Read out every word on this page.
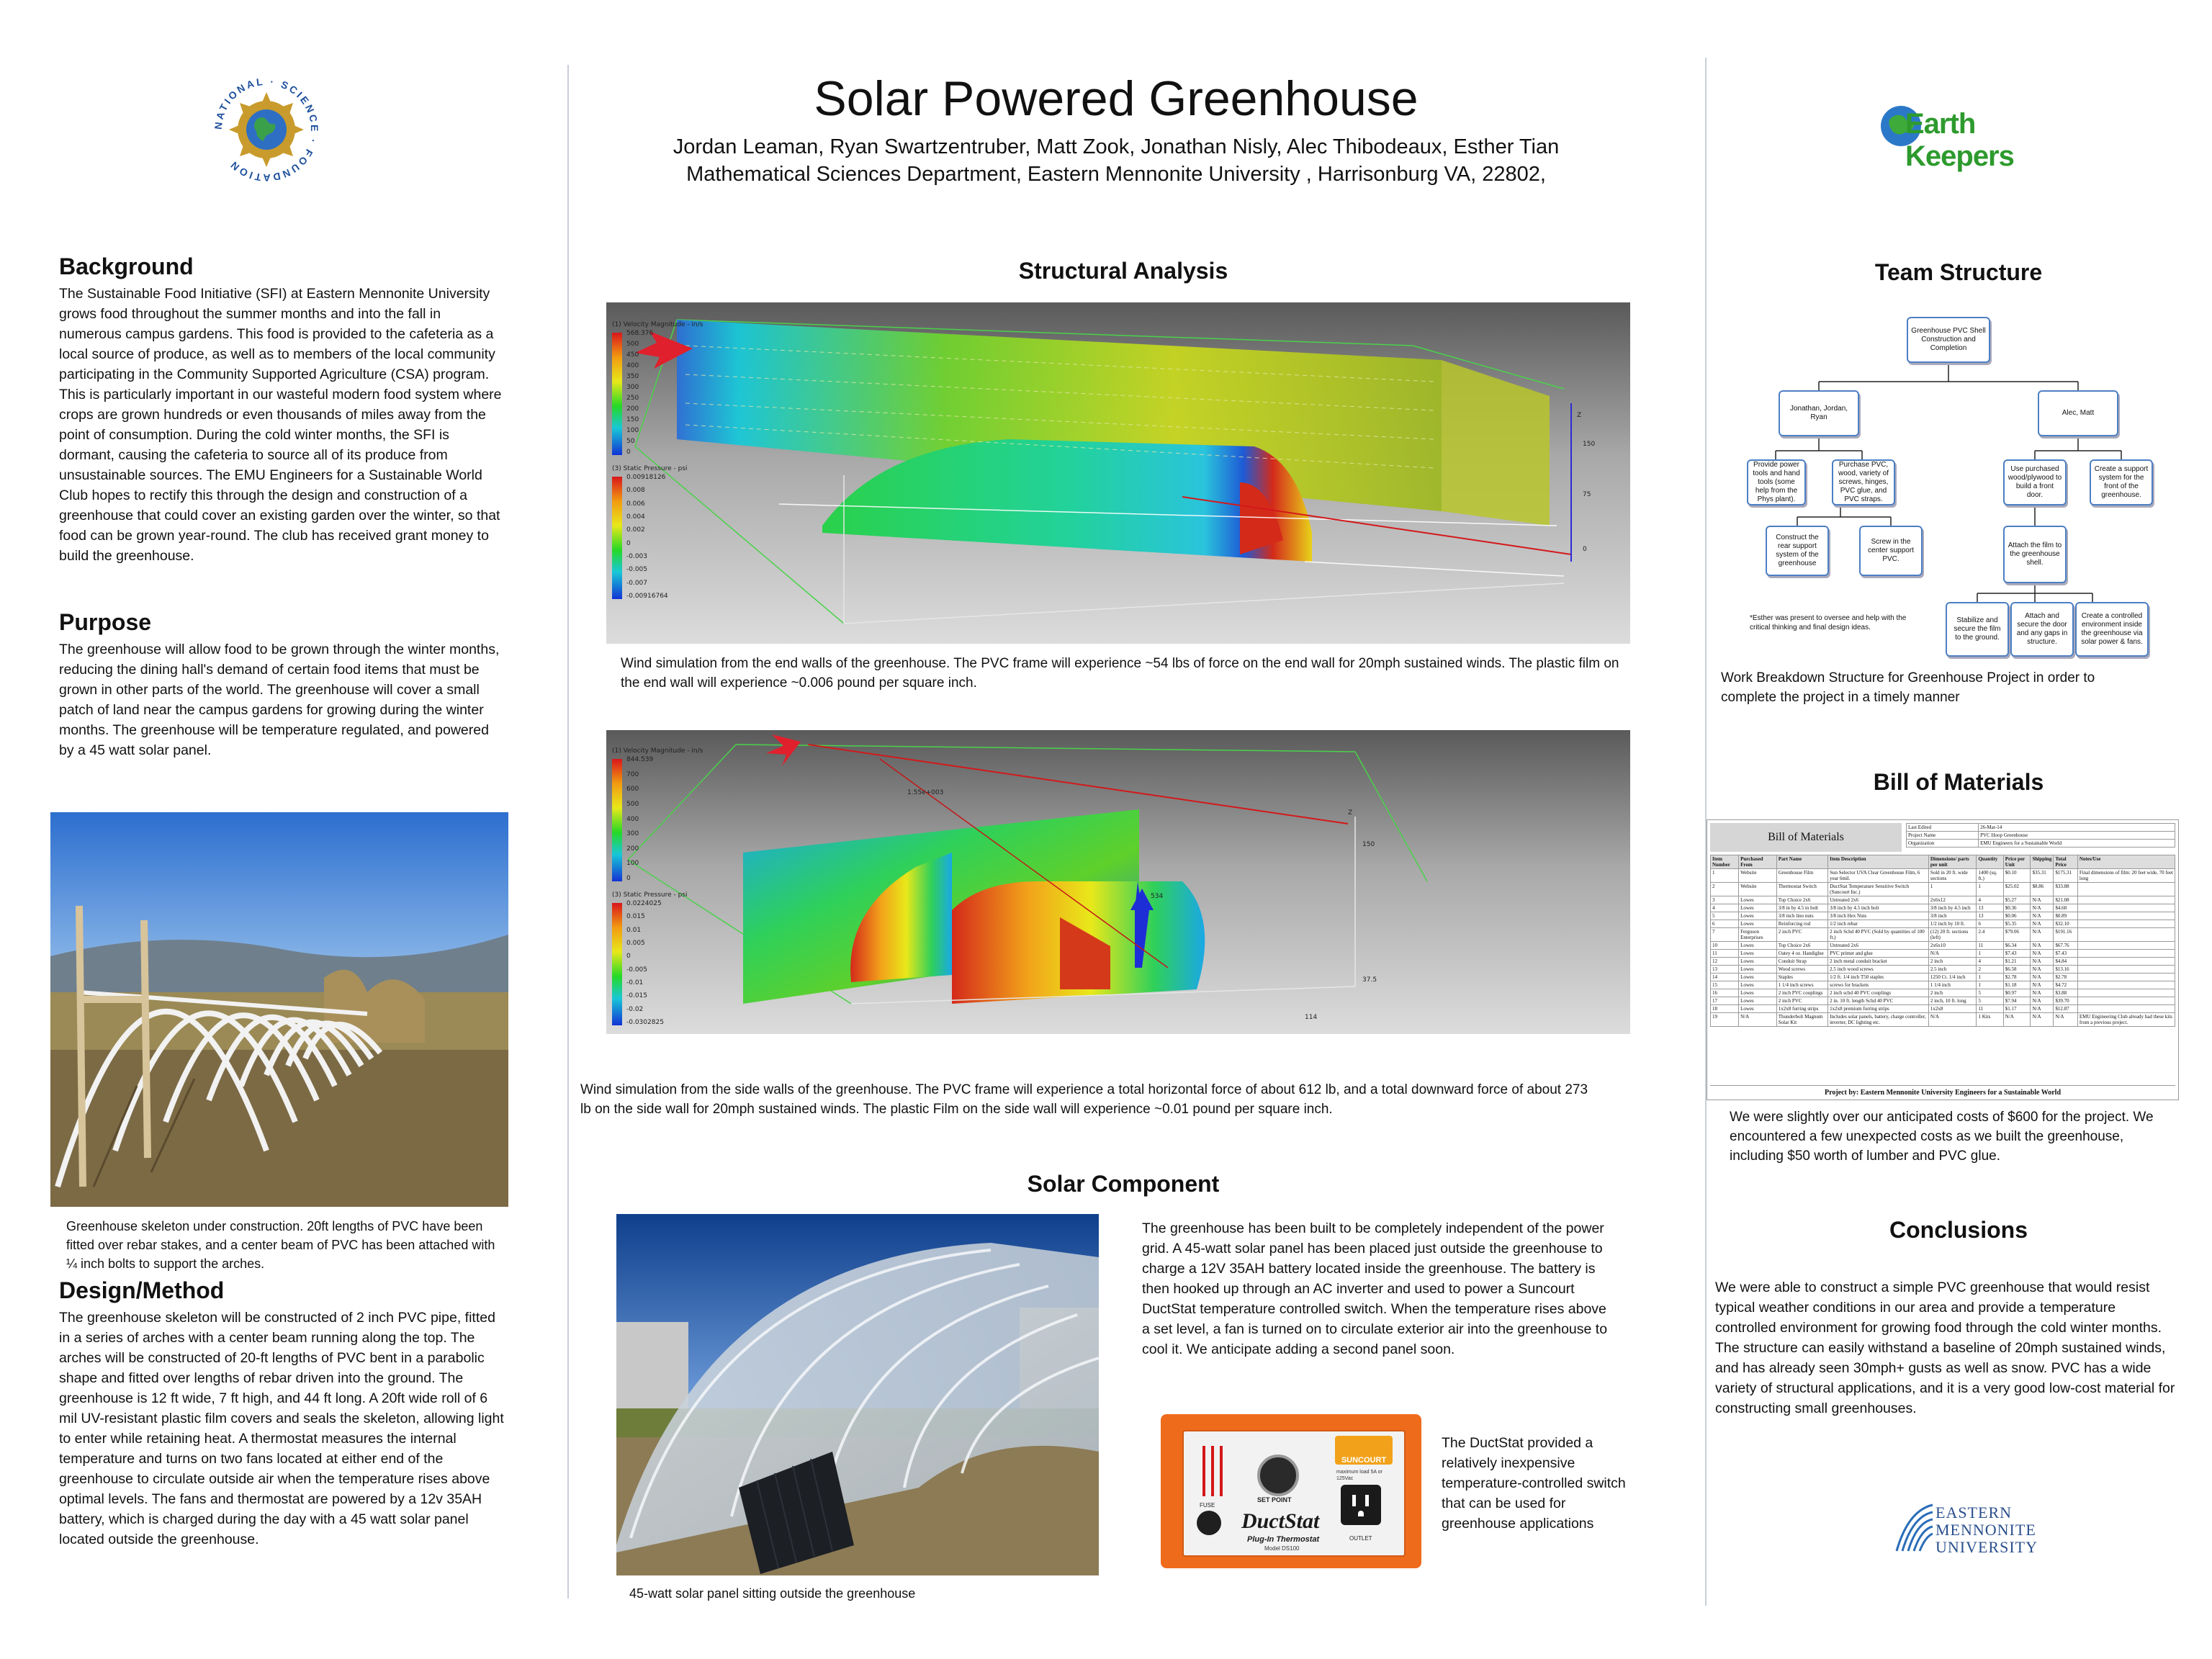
NATIONAL · SCIENCE · FOUNDATION
Earth Keepers
Solar Powered Greenhouse
Jordan Leaman, Ryan Swartzentruber, Matt Zook, Jonathan Nisly, Alec Thibodeaux, Esther Tian
Mathematical Sciences Department, Eastern Mennonite University , Harrisonburg VA, 22802,
Background
The Sustainable Food Initiative (SFI) at Eastern Mennonite University grows food throughout the summer months and into the fall in numerous campus gardens. This food is provided to the cafeteria as a local source of produce, as well as to members of the local community participating in the Community Supported Agriculture (CSA) program. This is particularly important in our wasteful modern food system where crops are grown hundreds or even thousands of miles away from the point of consumption. During the cold winter months, the SFI is dormant, causing the cafeteria to source all of its produce from unsustainable sources. The EMU Engineers for a Sustainable World Club hopes to rectify this through the design and construction of a greenhouse that could cover an existing garden over the winter, so that food can be grown year-round. The club has received grant money to build the greenhouse.
Purpose
The greenhouse will allow food to be grown through the winter months, reducing the dining hall's demand of certain food items that must be grown in other parts of the world. The greenhouse will cover a small patch of land near the campus gardens for growing during the winter months. The greenhouse will be temperature regulated, and powered by a 45 watt solar panel.
Greenhouse skeleton under construction. 20ft lengths of PVC have been fitted over rebar stakes, and a center beam of PVC has been attached with ¼ inch bolts to support the arches.
Design/Method
The greenhouse skeleton will be constructed of 2 inch PVC pipe, fitted in a series of arches with a center beam running along the top. The arches will be constructed of 20-ft lengths of PVC bent in a parabolic shape and fitted over lengths of rebar driven into the ground. The greenhouse is 12 ft wide, 7 ft high, and 44 ft long. A 20ft wide roll of 6 mil UV-resistant plastic film covers and seals the skeleton, allowing light to enter while retaining heat. A thermostat measures the internal temperature and turns on two fans located at either end of the greenhouse to circulate outside air when the temperature rises above optimal levels. The fans and thermostat are powered by a 12v 35AH battery, which is charged during the day with a 45 watt solar panel located outside the greenhouse.
Structural Analysis
(1) Velocity Magnitude - in/s
568.376
500
450
400
350
300
250
200
150
100
50
0
(3) Static Pressure - psi
0.00918126
0.008
0.006
0.004
0.002
0
-0.003
-0.005
-0.007
-0.00916764
Z
150
75
0
Wind simulation from the end walls of the greenhouse. The PVC frame will experience ~54 lbs of force on the end wall for 20mph sustained winds. The plastic film on the end wall will experience ~0.006 pound per square inch.
(1) Velocity Magnitude - in/s
844.539
700
600
500
400
300
200
100
0
(3) Static Pressure - psi
0.0224025
0.015
0.01
0.005
0
-0.005
-0.01
-0.015
-0.02
-0.0302825
Z
150
37.5
534
114
1.55e+003
Wind simulation from the side walls of the greenhouse. The PVC frame will experience a total horizontal force of about 612 lb, and a total downward force of about 273 lb on the side wall for 20mph sustained winds. The plastic Film on the side wall will experience ~0.01 pound per square inch.
Solar Component
45-watt solar panel sitting outside the greenhouse
The greenhouse has been built to be completely independent of the power grid. A 45-watt solar panel has been placed just outside the greenhouse to charge a 12V 35AH battery located inside the greenhouse. The battery is then hooked up through an AC inverter and used to power a Suncourt DuctStat temperature controlled switch. When the temperature rises above a set level, a fan is turned on to circulate exterior air into the greenhouse to cool it. We anticipate adding a second panel soon.
SET POINT
SUNCOURT
maximum load 5A or 125Vac
OUTLET
FUSE
DuctStat
Plug-In Thermostat
Model DS100
The DuctStat provided a relatively inexpensive temperature-controlled switch that can be used for greenhouse applications
Team Structure
Greenhouse PVC Shell Construction and Completion
Jonathan, Jordan, Ryan
Alec, Matt
Provide power tools and hand tools (some help from the Phys plant).
Purchase PVC, wood, variety of screws, hinges, PVC glue, and PVC straps.
Use purchased wood/plywood to build a front door.
Create a support system for the front of the greenhouse.
Construct the rear support system of the greenhouse
Screw in the center support PVC.
Attach the film to the greenhouse shell.
Stabilize and secure the film to the ground.
Attach and secure the door and any gaps in structure.
Create a controlled environment inside the greenhouse via solar power & fans.
*Esther was present to oversee and help with the critical thinking and final design ideas.
Work Breakdown Structure for Greenhouse Project in order to complete the project in a timely manner
Bill of Materials
Bill of Materials
Last Edited	26-Mar-14
Project Name	PVC Hoop Greenhouse
Organization	EMU Engineers for a Sustainable World
Item Number	Purchased From	Part Name	Item Description	Dimensions/ parts per unit	Quantity	Price per Unit	Shipping	Total Price	Notes/Use
1	Website	Greenhouse Film	Sun Selector UVA Clear Greenhouse Film, 6 year 6mil.	Sold in 20 ft. wide sections	1400 (sq. ft.)	$0.10	$35.31	$175.31	Final dimensions of film: 20 feet wide, 70 feet long
2	Website	Thermostat Switch	DuctStat Temperature Sensitive Switch (Suncourt Inc.)	1	1	$25.02	$8.86	$33.88	
3	Lowes	Top Choice 2x6	Untreated 2x6	2x6x12	4	$5.27	N/A	$21.08	
4	Lowes	3/8 in by 4.5 in bolt	3/8 inch by 4.5 inch bolt	3/8 inch by 4.5 inch	13	$0.36	N/A	$4.68	
5	Lowes	3/8 inch lino nuts	3/8 inch Hex Nuts	3/8 inch	13	$0.06	N/A	$0.89	
6	Lowes	Reinforcing rod	1/2 inch rebar	1/2 inch by 10 ft.	6	$5.35	N/A	$32.10	
7	Ferguson Enterprises	2 inch PVC	2 inch Schd 40 PVC (Sold by quantities of 100 ft.)	(12) 20 ft. sections (left)	2.4	$79.06	N/A	$191.16	
10	Lowes	Top Choice 2x6	Untreated 2x6	2x6x10	11	$6.34	N/A	$67.76	
11	Lowes	Oatey 4 oz. Handiglue	PVC primer and glue	N/A	1	$7.43	N/A	$7.43	
12	Lowes	Conduit Strap	2 inch metal conduit bracket	2 inch	4	$1.21	N/A	$4.84	
13	Lowes	Wood screws	2.5 inch wood screws	2.5 inch	2	$6.58	N/A	$13.16	
14	Lowes	Staples	1/2 ft. 1/4 inch T50 staples	1250 Ct. 1/4 inch	1	$2.78	N/A	$2.78	
15	Lowes	1 1/4 inch screws	screws for brackets	1 1/4 inch	1	$1.18	N/A	$4.72	
16	Lowes	2 inch PVC couplings	2 inch schd 40 PVC couplings	2 inch	5	$0.97	N/A	$3.88	
17	Lowes	2 inch PVC	2 in. 10 ft. length Schd 40 PVC	2 inch, 10 ft. long	5	$7.94	N/A	$39.70	
18	Lowes	1x2x8 furring strips	1x2x8 premium furring strips	1x2x8	11	$1.17	N/A	$12.87	
19	N/A	Thunderbolt Magnum Solar Kit	Includes solar panels, battery, charge controller, inverter, DC lighting etc.	N/A	1 Kits	N/A	N/A	N/A	EMU Engineering Club already had these kits from a previous project.
Project by: Eastern Mennonite University Engineers for a Sustainable World
We were slightly over our anticipated costs of $600 for the project. We encountered a few unexpected costs as we built the greenhouse, including $50 worth of lumber and PVC glue.
Conclusions
We were able to construct a simple PVC greenhouse that would resist typical weather conditions in our area and provide a temperature controlled environment for growing food through the cold winter months. The structure can easily withstand a baseline of 20mph sustained winds, and has already seen 30mph+ gusts as well as snow. PVC has a wide variety of structural applications, and it is a very good low-cost material for constructing small greenhouses.
EASTERN
MENNONITE
UNIVERSITY
